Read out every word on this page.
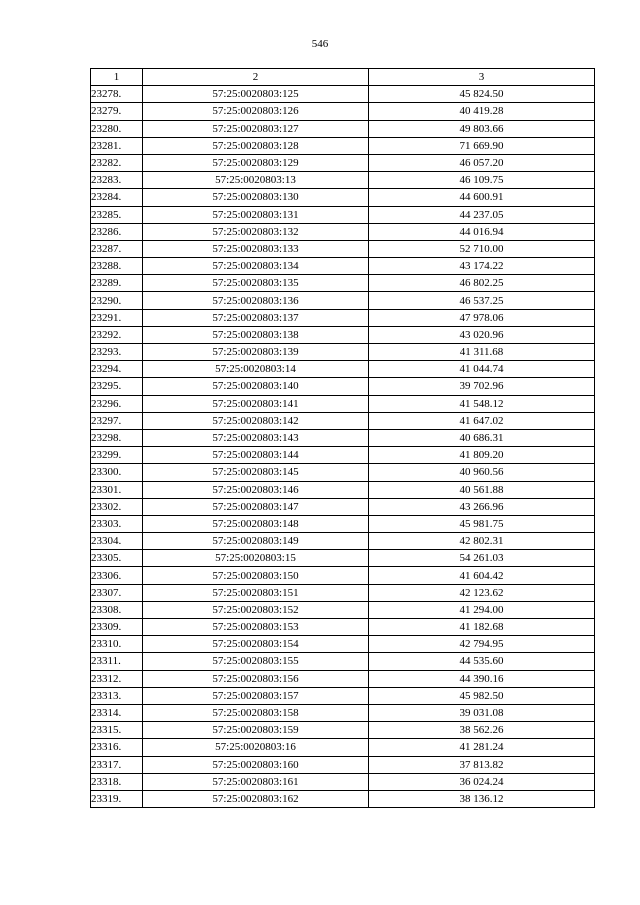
546
1	2	3
23278.	57:25:0020803:125	45 824.50
23279.	57:25:0020803:126	40 419.28
23280.	57:25:0020803:127	49 803.66
23281.	57:25:0020803:128	71 669.90
23282.	57:25:0020803:129	46 057.20
23283.	57:25:0020803:13	46 109.75
23284.	57:25:0020803:130	44 600.91
23285.	57:25:0020803:131	44 237.05
23286.	57:25:0020803:132	44 016.94
23287.	57:25:0020803:133	52 710.00
23288.	57:25:0020803:134	43 174.22
23289.	57:25:0020803:135	46 802.25
23290.	57:25:0020803:136	46 537.25
23291.	57:25:0020803:137	47 978.06
23292.	57:25:0020803:138	43 020.96
23293.	57:25:0020803:139	41 311.68
23294.	57:25:0020803:14	41 044.74
23295.	57:25:0020803:140	39 702.96
23296.	57:25:0020803:141	41 548.12
23297.	57:25:0020803:142	41 647.02
23298.	57:25:0020803:143	40 686.31
23299.	57:25:0020803:144	41 809.20
23300.	57:25:0020803:145	40 960.56
23301.	57:25:0020803:146	40 561.88
23302.	57:25:0020803:147	43 266.96
23303.	57:25:0020803:148	45 981.75
23304.	57:25:0020803:149	42 802.31
23305.	57:25:0020803:15	54 261.03
23306.	57:25:0020803:150	41 604.42
23307.	57:25:0020803:151	42 123.62
23308.	57:25:0020803:152	41 294.00
23309.	57:25:0020803:153	41 182.68
23310.	57:25:0020803:154	42 794.95
23311.	57:25:0020803:155	44 535.60
23312.	57:25:0020803:156	44 390.16
23313.	57:25:0020803:157	45 982.50
23314.	57:25:0020803:158	39 031.08
23315.	57:25:0020803:159	38 562.26
23316.	57:25:0020803:16	41 281.24
23317.	57:25:0020803:160	37 813.82
23318.	57:25:0020803:161	36 024.24
23319.	57:25:0020803:162	38 136.12
